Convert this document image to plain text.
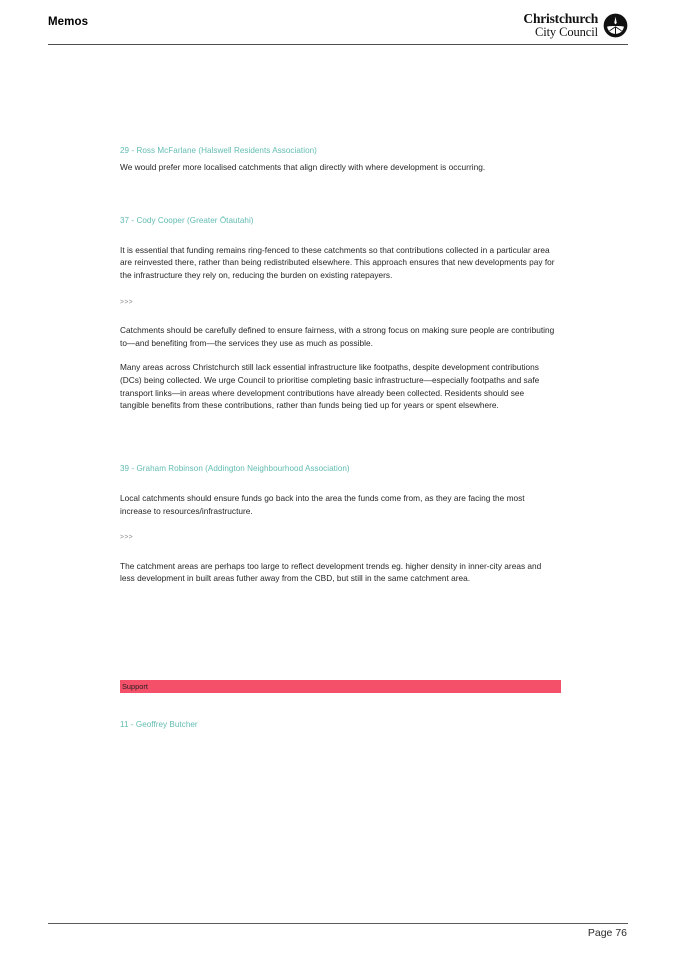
Memos	Christchurch
City Council

29 - Ross McFarlane (Halswell Residents Association)

We would prefer more localised catchments that align directly with where development is occurring.

37 - Cody Cooper (Greater Ōtautahi)

It is essential that funding remains ring-fenced to these catchments so that contributions collected in a particular area are reinvested there, rather than being redistributed elsewhere. This approach ensures that new developments pay for the infrastructure they rely on, reducing the burden on existing ratepayers.

>>>

Catchments should be carefully defined to ensure fairness, with a strong focus on making sure people are contributing to—and benefiting from—the services they use as much as possible.

Many areas across Christchurch still lack essential infrastructure like footpaths, despite development contributions (DCs) being collected. We urge Council to prioritise completing basic infrastructure—especially footpaths and safe transport links—in areas where development contributions have already been collected. Residents should see tangible benefits from these contributions, rather than funds being tied up for years or spent elsewhere.

39 - Graham Robinson (Addington Neighbourhood Association)

Local catchments should ensure funds go back into the area the funds come from, as they are facing the most increase to resources/infrastructure.

>>>

The catchment areas are perhaps too large to reflect development trends eg. higher density in inner-city areas and less development in built areas futher away from the CBD, but still in the same catchment area.

Support

11 - Geoffrey Butcher

Page 76
